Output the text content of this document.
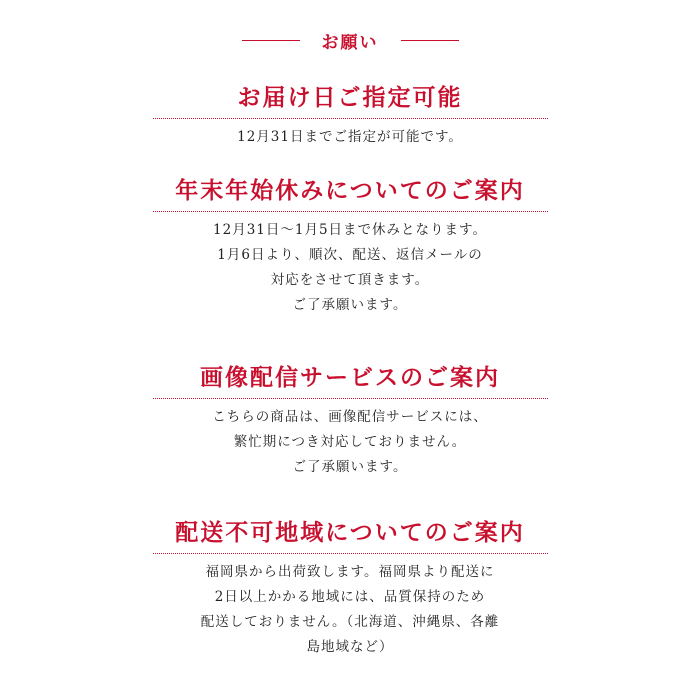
お願い
お届け日ご指定可能
12月31日までご指定が可能です。
年末年始休みについてのご案内
12月31日～1月5日まで休みとなります。
1月6日より、順次、配送、返信メールの
対応をさせて頂きます。
ご了承願います。
画像配信サービスのご案内
こちらの商品は、画像配信サービスには、
繁忙期につき対応しておりません。
ご了承願います。
配送不可地域についてのご案内
福岡県から出荷致します。福岡県より配送に
2日以上かかる地域には、品質保持のため
配送しておりません。（北海道、沖縄県、各離
島地域など）
